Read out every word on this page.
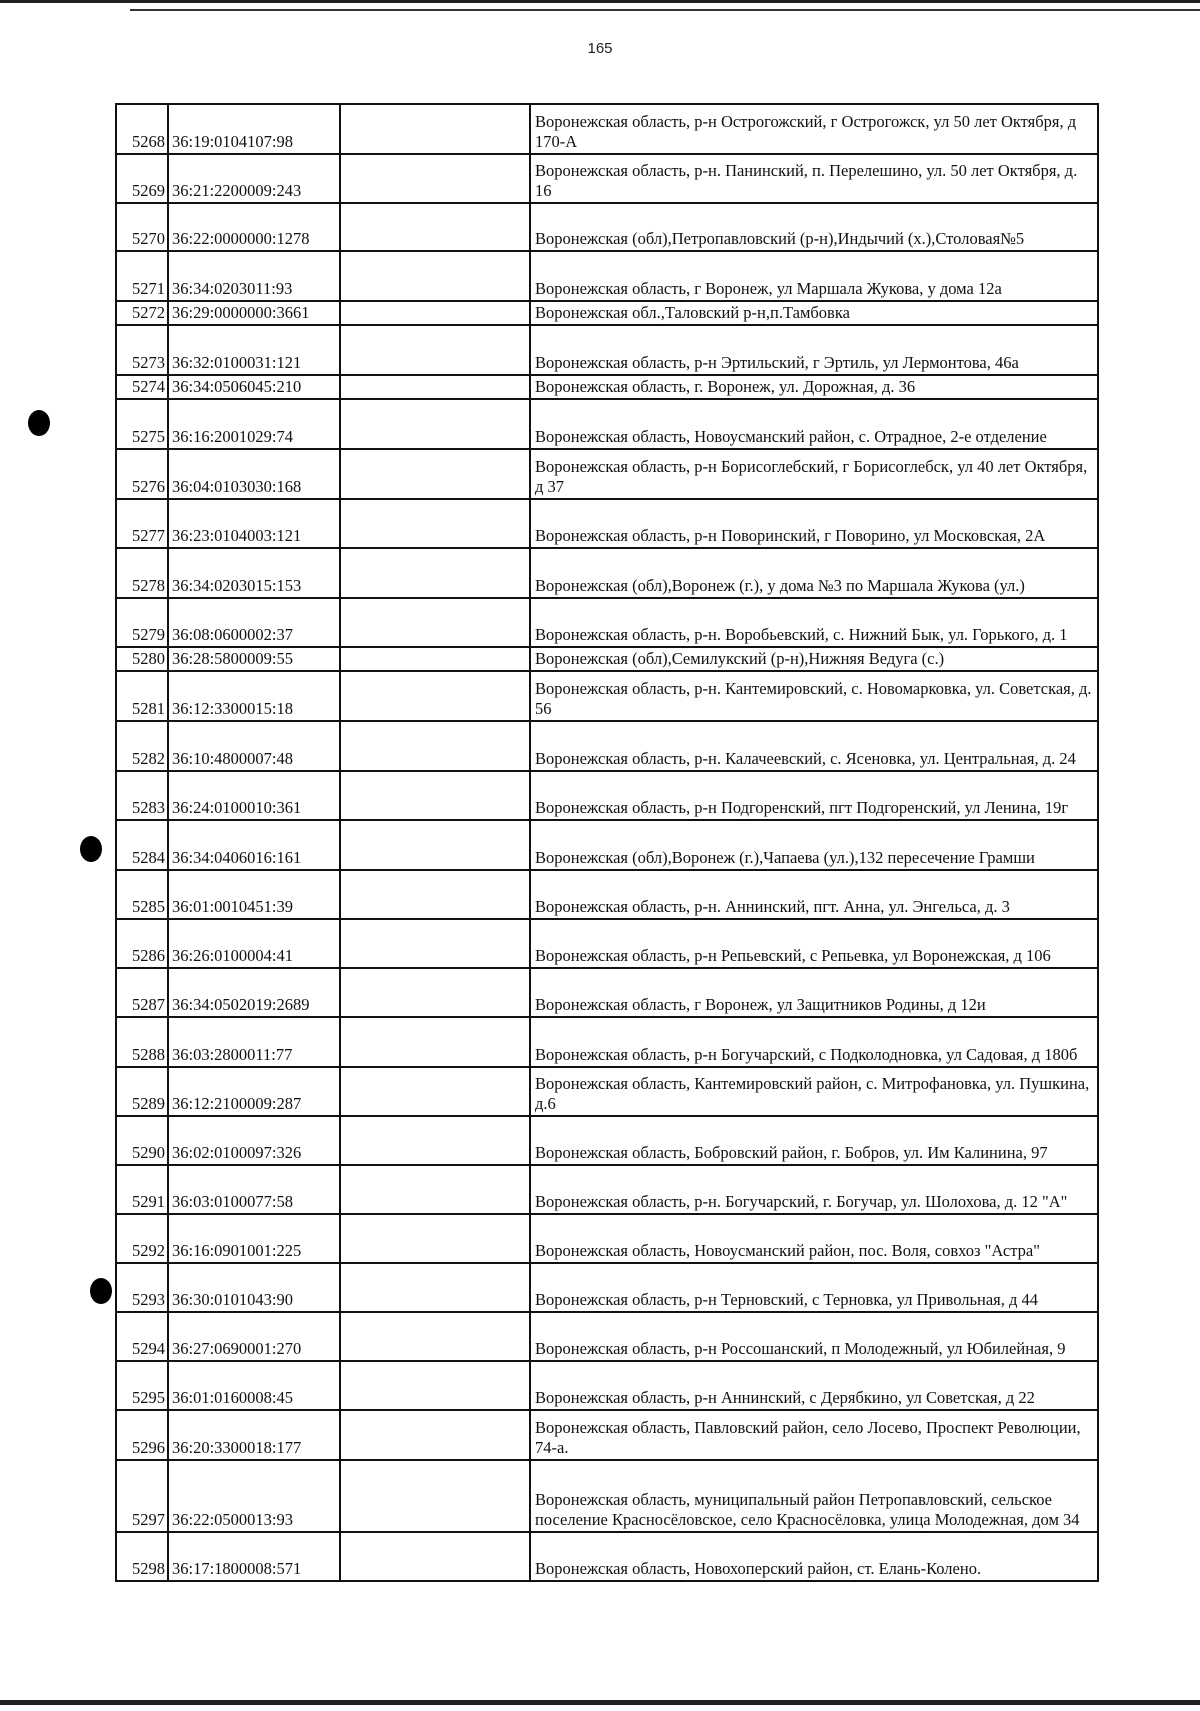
165
5268	36:19:0104107:98		Воронежская область, р-н Острогожский, г Острогожск, ул 50 лет Октября, д 170-А
5269	36:21:2200009:243		Воронежская область, р-н. Панинский, п. Перелешино, ул. 50 лет Октября, д. 16
5270	36:22:0000000:1278		Воронежская (обл),Петропавловский (р-н),Индычий (х.),Столовая№5
5271	36:34:0203011:93		Воронежская область, г Воронеж, ул Маршала Жукова, у дома 12а
5272	36:29:0000000:3661		Воронежская обл.,Таловский р-н,п.Тамбовка
5273	36:32:0100031:121		Воронежская область, р-н Эртильский, г Эртиль, ул Лермонтова, 46а
5274	36:34:0506045:210		Воронежская область, г. Воронеж, ул. Дорожная, д. 36
5275	36:16:2001029:74		Воронежская область, Новоусманский район, с. Отрадное, 2-е отделение
5276	36:04:0103030:168		Воронежская область, р-н Борисоглебский, г Борисоглебск, ул 40 лет Октября, д 37
5277	36:23:0104003:121		Воронежская область, р-н Поворинский, г Поворино, ул Московская, 2А
5278	36:34:0203015:153		Воронежская (обл),Воронеж (г.), у дома №3 по Маршала Жукова (ул.)
5279	36:08:0600002:37		Воронежская область, р-н. Воробьевский, с. Нижний Бык, ул. Горького, д. 1
5280	36:28:5800009:55		Воронежская (обл),Семилукский (р-н),Нижняя Ведуга (с.)
5281	36:12:3300015:18		Воронежская область, р-н. Кантемировский, с. Новомарковка, ул. Советская, д. 56
5282	36:10:4800007:48		Воронежская область, р-н. Калачеевский, с. Ясеновка, ул. Центральная, д. 24
5283	36:24:0100010:361		Воронежская область, р-н Подгоренский, пгт Подгоренский, ул Ленина, 19г
5284	36:34:0406016:161		Воронежская (обл),Воронеж (г.),Чапаева (ул.),132 пересечение Грамши
5285	36:01:0010451:39		Воронежская область, р-н. Аннинский, пгт. Анна, ул. Энгельса, д. 3
5286	36:26:0100004:41		Воронежская область, р-н Репьевский, с Репьевка, ул Воронежская, д 106
5287	36:34:0502019:2689		Воронежская область, г Воронеж, ул Защитников Родины, д 12и
5288	36:03:2800011:77		Воронежская область, р-н Богучарский, с Подколодновка, ул Садовая, д 180б
5289	36:12:2100009:287		Воронежская область, Кантемировский район, с. Митрофановка, ул. Пушкина, д.6
5290	36:02:0100097:326		Воронежская область, Бобровский район, г. Бобров, ул. Им Калинина, 97
5291	36:03:0100077:58		Воронежская область, р-н. Богучарский, г. Богучар, ул. Шолохова, д. 12 "А"
5292	36:16:0901001:225		Воронежская область, Новоусманский район, пос. Воля, совхоз "Астра"
5293	36:30:0101043:90		Воронежская область, р-н Терновский, с Терновка, ул Привольная, д 44
5294	36:27:0690001:270		Воронежская область, р-н Россошанский, п Молодежный, ул Юбилейная, 9
5295	36:01:0160008:45		Воронежская область, р-н Аннинский, с Дерябкино, ул Советская, д 22
5296	36:20:3300018:177		Воронежская область, Павловский район, село Лосево, Проспект Революции, 74-а.
5297	36:22:0500013:93		Воронежская область, муниципальный район Петропавловский, сельское поселение Красносёловское, село Красносёловка, улица Молодежная, дом 34
5298	36:17:1800008:571		Воронежская область, Новохоперский район, ст. Елань-Колено.
